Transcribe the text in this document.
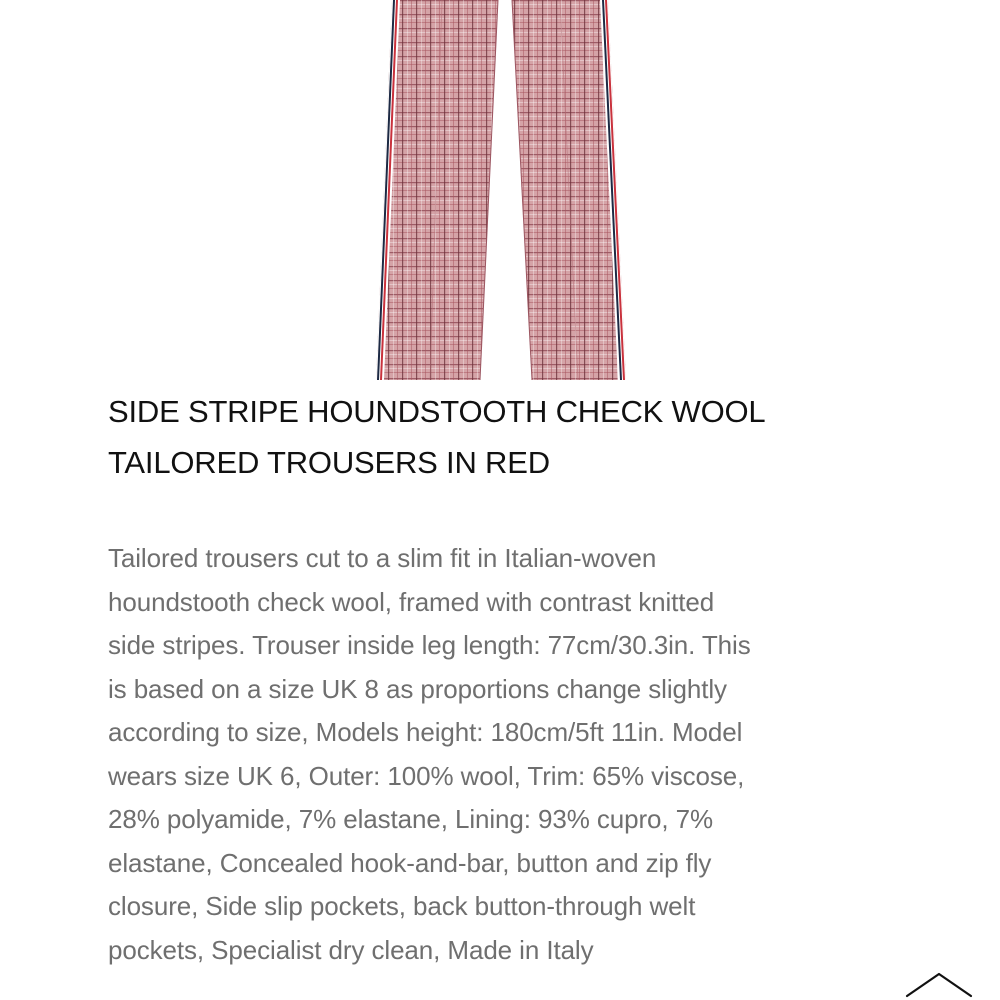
SIDE STRIPE HOUNDSTOOTH CHECK WOOL
TAILORED TROUSERS IN RED
Tailored trousers cut to a slim fit in Italian-woven
houndstooth check wool, framed with contrast knitted
side stripes. Trouser inside leg length: 77cm/30.3in. This
is based on a size UK 8 as proportions change slightly
according to size, Models height: 180cm/5ft 11in. Model
wears size UK 6, Outer: 100% wool, Trim: 65% viscose,
28% polyamide, 7% elastane, Lining: 93% cupro, 7%
elastane, Concealed hook-and-bar, button and zip fly
closure, Side slip pockets, back button-through welt
pockets, Specialist dry clean, Made in Italy
